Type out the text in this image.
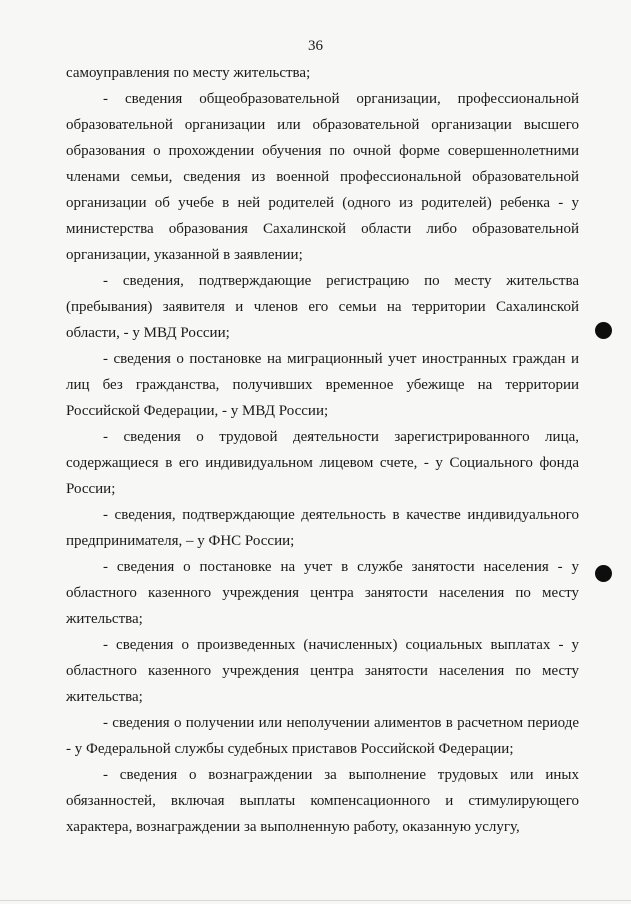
36

самоуправления по месту жительства;

- сведения общеобразовательной организации, профессиональной образовательной организации или образовательной организации высшего образования о прохождении обучения по очной форме совершеннолетними членами семьи, сведения из военной профессиональной образовательной организации об учебе в ней родителей (одного из родителей) ребенка - у министерства образования Сахалинской области либо образовательной организации, указанной в заявлении;

- сведения, подтверждающие регистрацию по месту жительства (пребывания) заявителя и членов его семьи на территории Сахалинской области, - у МВД России;

- сведения о постановке на миграционный учет иностранных граждан и лиц без гражданства, получивших временное убежище на территории Российской Федерации, - у МВД России;

- сведения о трудовой деятельности зарегистрированного лица, содержащиеся в его индивидуальном лицевом счете, - у Социального фонда России;

- сведения, подтверждающие деятельность в качестве индивидуального предпринимателя, – у ФНС России;

- сведения о постановке на учет в службе занятости населения - у областного казенного учреждения центра занятости населения по месту жительства;

- сведения о произведенных (начисленных) социальных выплатах - у областного казенного учреждения центра занятости населения по месту жительства;

- сведения о получении или неполучении алиментов в расчетном периоде - у Федеральной службы судебных приставов Российской Федерации;

- сведения о вознаграждении за выполнение трудовых или иных обязанностей, включая выплаты компенсационного и стимулирующего характера, вознаграждении за выполненную работу, оказанную услугу,
